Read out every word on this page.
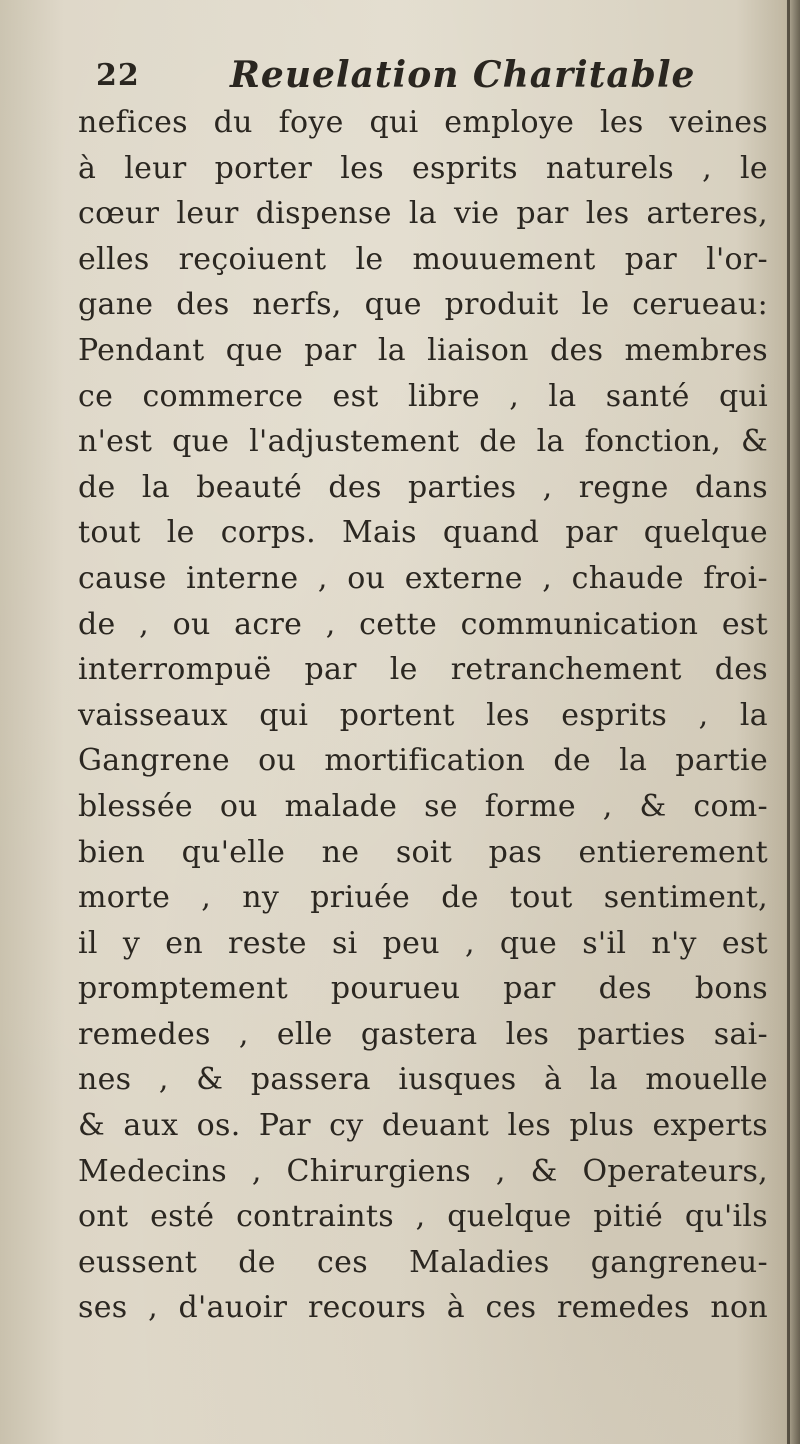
22	Reuelation Charitable
nefices du foye qui employe les veines
à leur porter les esprits naturels , le
cœur leur dispense la vie par les arteres,
elles reçoiuent le mouuement par l'or-
gane des nerfs, que produit le cerueau:
Pendant que par la liaison des membres
ce commerce est libre , la santé qui
n'est que l'adjustement de la fonction, &
de la beauté des parties , regne dans
tout le corps. Mais quand par quelque
cause interne , ou externe , chaude froi-
de , ou acre , cette communication est
interrompuë par le retranchement des
vaisseaux qui portent les esprits , la
Gangrene ou mortification de la partie
blessée ou malade se forme , & com-
bien qu'elle ne soit pas entierement
morte , ny priuée de tout sentiment,
il y en reste si peu , que s'il n'y est
promptement pourueu par des bons
remedes , elle gastera les parties sai-
nes , & passera iusques à la mouelle
& aux os. Par cy deuant les plus experts
Medecins , Chirurgiens , & Operateurs,
ont esté contraints , quelque pitié qu'ils
eussent de ces Maladies gangreneu-
ses , d'auoir recours à ces remedes non
